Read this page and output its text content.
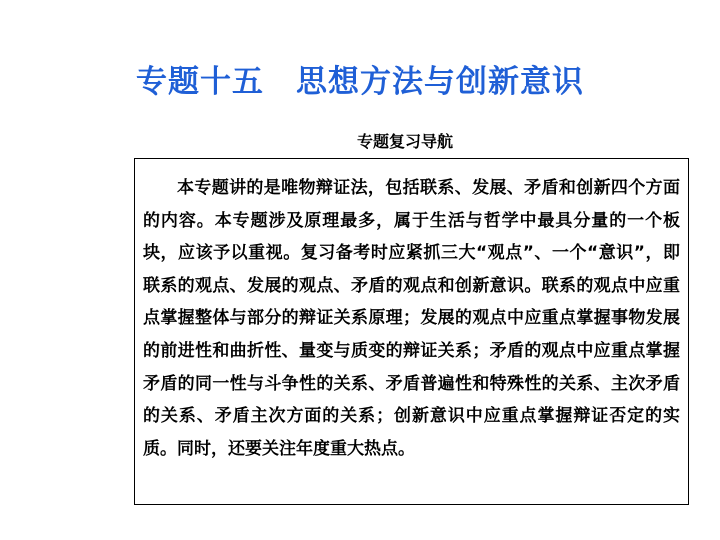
专题十五　思想方法与创新意识
专题复习导航

本专题讲的是唯物辩证法，包括联系、发展、矛盾和创新四个方面的内容。本专题涉及原理最多，属于生活与哲学中最具分量的一个板块，应该予以重视。复习备考时应紧抓三大“观点”、一个“意识”，即联系的观点、发展的观点、矛盾的观点和创新意识。联系的观点中应重点掌握整体与部分的辩证关系原理；发展的观点中应重点掌握事物发展的前进性和曲折性、量变与质变的辩证关系；矛盾的观点中应重点掌握矛盾的同一性与斗争性的关系、矛盾普遍性和特殊性的关系、主次矛盾的关系、矛盾主次方面的关系；创新意识中应重点掌握辩证否定的实质。同时，还要关注年度重大热点。
